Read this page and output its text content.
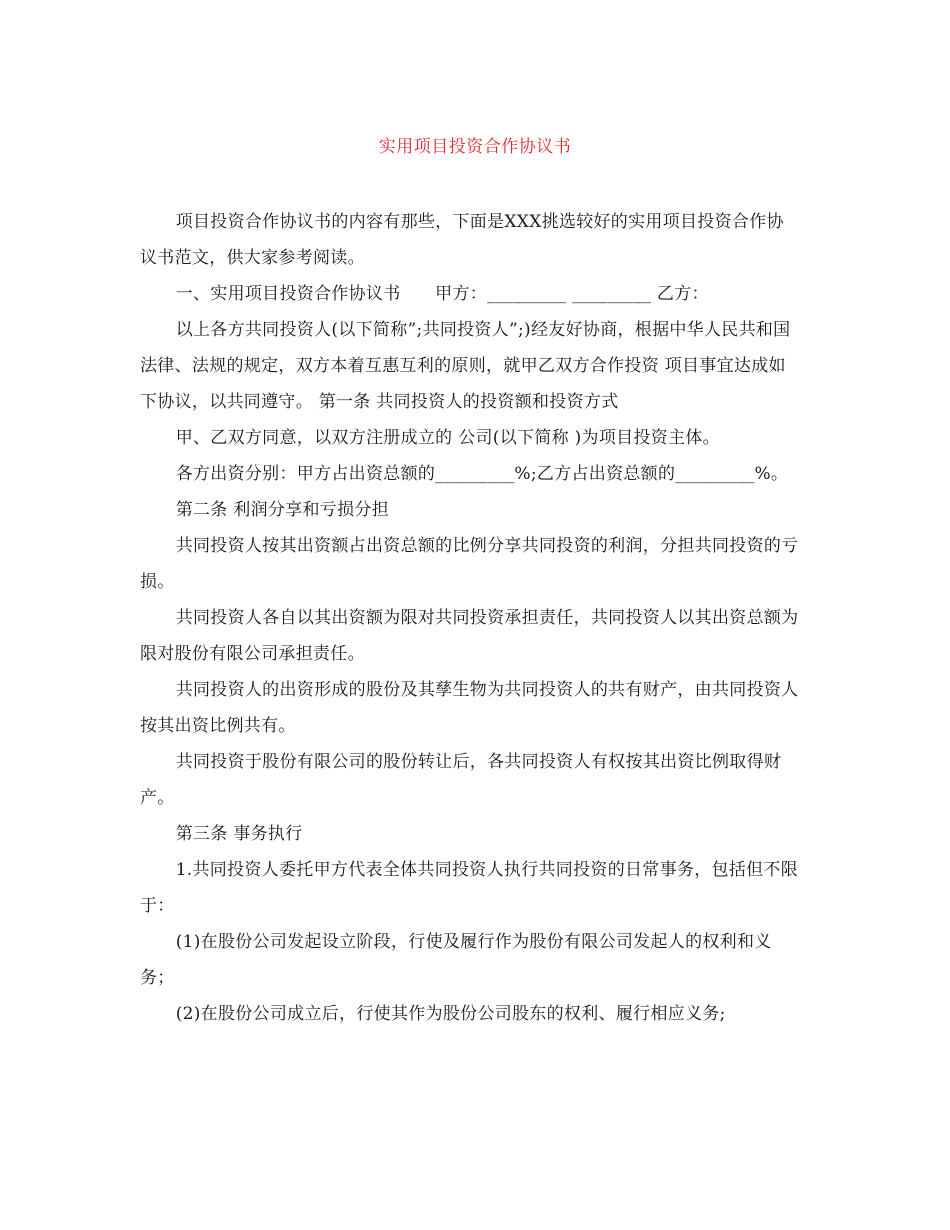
实用项目投资合作协议书

项目投资合作协议书的内容有那些，下面是XXX挑选较好的实用项目投资合作协议书范文，供大家参考阅读。

一、实用项目投资合作协议书　　甲方：_________ _________ 乙方：

以上各方共同投资人(以下简称”;共同投资人”;)经友好协商，根据中华人民共和国法律、法规的规定，双方本着互惠互利的原则，就甲乙双方合作投资 项目事宜达成如下协议，以共同遵守。 第一条 共同投资人的投资额和投资方式

甲、乙双方同意，以双方注册成立的 公司(以下简称 )为项目投资主体。

各方出资分别：甲方占出资总额的_________%;乙方占出资总额的_________%。

第二条 利润分享和亏损分担

共同投资人按其出资额占出资总额的比例分享共同投资的利润，分担共同投资的亏损。

共同投资人各自以其出资额为限对共同投资承担责任，共同投资人以其出资总额为限对股份有限公司承担责任。

共同投资人的出资形成的股份及其孳生物为共同投资人的共有财产，由共同投资人按其出资比例共有。

共同投资于股份有限公司的股份转让后，各共同投资人有权按其出资比例取得财产。

第三条 事务执行

1.共同投资人委托甲方代表全体共同投资人执行共同投资的日常事务，包括但不限于：

(1)在股份公司发起设立阶段，行使及履行作为股份有限公司发起人的权利和义务；

(2)在股份公司成立后，行使其作为股份公司股东的权利、履行相应义务;
